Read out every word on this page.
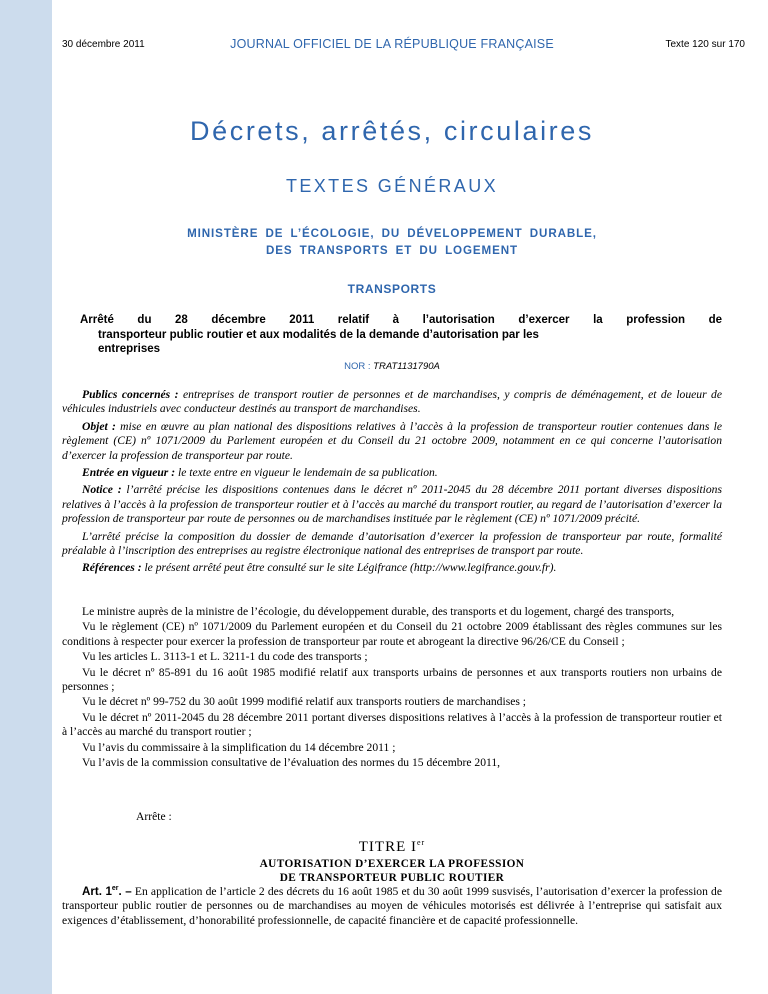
30 décembre 2011	JOURNAL OFFICIEL DE LA RÉPUBLIQUE FRANÇAISE	Texte 120 sur 170
Décrets, arrêtés, circulaires
TEXTES GÉNÉRAUX
MINISTÈRE DE L’ÉCOLOGIE, DU DÉVELOPPEMENT DURABLE,
DES TRANSPORTS ET DU LOGEMENT
TRANSPORTS
Arrêté du 28 décembre 2011 relatif à l’autorisation d’exercer la profession de
transporteur public routier et aux modalités de la demande d’autorisation par les
entreprises
NOR : TRAT1131790A

Publics concernés : entreprises de transport routier de personnes et de marchandises, y compris de déménagement, et de loueur de véhicules industriels avec conducteur destinés au transport de marchandises.

Objet : mise en œuvre au plan national des dispositions relatives à l’accès à la profession de transporteur routier contenues dans le règlement (CE) nº 1071/2009 du Parlement européen et du Conseil du 21 octobre 2009, notamment en ce qui concerne l’autorisation d’exercer la profession de transporteur par route.

Entrée en vigueur : le texte entre en vigueur le lendemain de sa publication.

Notice : l’arrêté précise les dispositions contenues dans le décret nº 2011-2045 du 28 décembre 2011 portant diverses dispositions relatives à l’accès à la profession de transporteur routier et à l’accès au marché du transport routier, au regard de l’autorisation d’exercer la profession de transporteur par route de personnes ou de marchandises instituée par le règlement (CE) nº 1071/2009 précité.

L’arrêté précise la composition du dossier de demande d’autorisation d’exercer la profession de transporteur par route, formalité préalable à l’inscription des entreprises au registre électronique national des entreprises de transport par route.

Références : le présent arrêté peut être consulté sur le site Légifrance (http://www.legifrance.gouv.fr).

Le ministre auprès de la ministre de l’écologie, du développement durable, des transports et du logement, chargé des transports,

Vu le règlement (CE) nº 1071/2009 du Parlement européen et du Conseil du 21 octobre 2009 établissant des règles communes sur les conditions à respecter pour exercer la profession de transporteur par route et abrogeant la directive 96/26/CE du Conseil ;

Vu les articles L. 3113-1 et L. 3211-1 du code des transports ;

Vu le décret nº 85-891 du 16 août 1985 modifié relatif aux transports urbains de personnes et aux transports routiers non urbains de personnes ;

Vu le décret nº 99-752 du 30 août 1999 modifié relatif aux transports routiers de marchandises ;

Vu le décret nº 2011-2045 du 28 décembre 2011 portant diverses dispositions relatives à l’accès à la profession de transporteur routier et à l’accès au marché du transport routier ;

Vu l’avis du commissaire à la simplification du 14 décembre 2011 ;

Vu l’avis de la commission consultative de l’évaluation des normes du 15 décembre 2011,

Arrête :
TITRE Ier
AUTORISATION D’EXERCER LA PROFESSION
DE TRANSPORTEUR PUBLIC ROUTIER

Art. 1er. – En application de l’article 2 des décrets du 16 août 1985 et du 30 août 1999 susvisés, l’autorisation d’exercer la profession de transporteur public routier de personnes ou de marchandises au moyen de véhicules motorisés est délivrée à l’entreprise qui satisfait aux exigences d’établissement, d’honorabilité professionnelle, de capacité financière et de capacité professionnelle.
